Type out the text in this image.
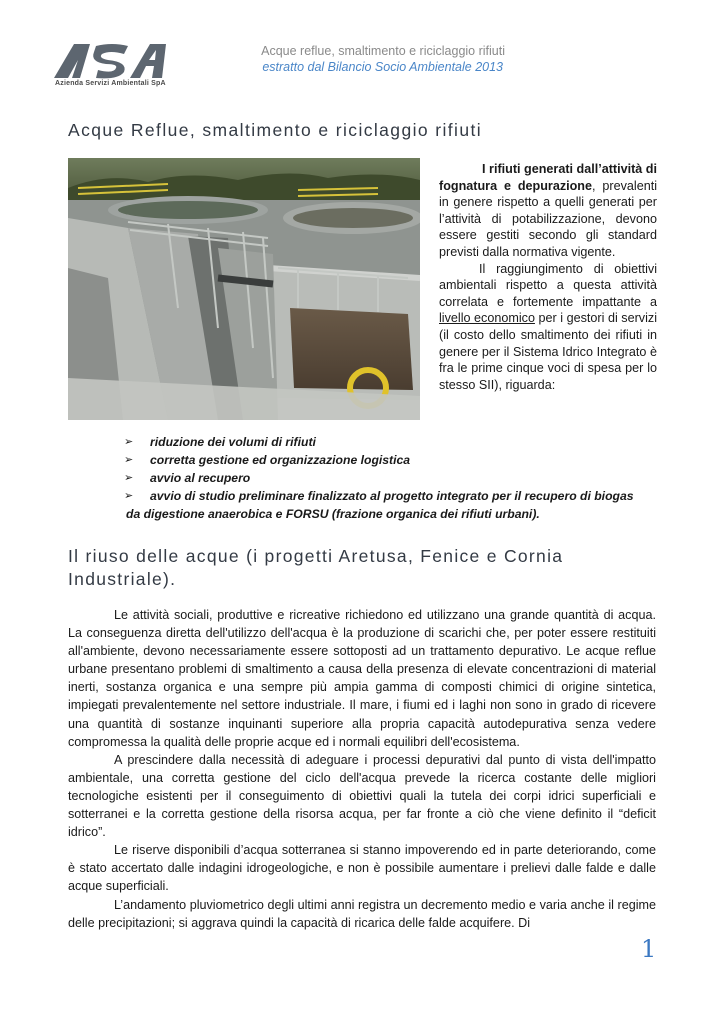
Azienda Servizi Ambientali SpA
Acque reflue, smaltimento e riciclaggio rifiuti
estratto dal Bilancio Socio Ambientale 2013
Acque Reflue, smaltimento e riciclaggio rifiuti

I rifiuti generati dall’attività di
fognatura e depurazione, prevalenti in genere rispetto a quelli generati per l’attività di potabilizzazione, devono essere gestiti secondo gli standard previsti dalla normativa vigente.

Il raggiungimento di obiettivi ambientali rispetto a questa attività correlata e fortemente impattante a livello economico per i gestori di servizi (il costo dello smaltimento dei rifiuti in genere per il Sistema Idrico Integrato è fra le prime cinque voci di spesa per lo stesso SII), riguarda:

➢ riduzione dei volumi di rifiuti
➢ corretta gestione ed organizzazione logistica
➢ avvio al recupero
➢ avvio di studio preliminare finalizzato al progetto integrato per il recupero di biogas
da digestione anaerobica e FORSU (frazione organica dei rifiuti urbani).
Il riuso delle acque (i progetti Aretusa, Fenice e Cornia Industriale).

Le attività sociali, produttive e ricreative richiedono ed utilizzano una grande quantità di acqua. La conseguenza diretta dell'utilizzo dell'acqua è la produzione di scarichi che, per poter essere restituiti all'ambiente, devono necessariamente essere sottoposti ad un trattamento depurativo. Le acque reflue urbane presentano problemi di smaltimento a causa della presenza di elevate concentrazioni di material inerti, sostanza organica e una sempre più ampia gamma di composti chimici di origine sintetica, impiegati prevalentemente nel settore industriale. Il mare, i fiumi ed i laghi non sono in grado di ricevere una quantità di sostanze inquinanti superiore alla propria capacità autodepurativa senza vedere compromessa la qualità delle proprie acque ed i normali equilibri dell'ecosistema.

A prescindere dalla necessità di adeguare i processi depurativi dal punto di vista dell'impatto ambientale, una corretta gestione del ciclo dell'acqua prevede la ricerca costante delle migliori tecnologiche esistenti per il conseguimento di obiettivi quali la tutela dei corpi idrici superficiali e sotterranei e la corretta gestione della risorsa acqua, per far fronte a ciò che viene definito il “deficit idrico”.

Le riserve disponibili d’acqua sotterranea si stanno impoverendo ed in parte deteriorando, come è stato accertato dalle indagini idrogeologiche, e non è possibile aumentare i prelievi dalle falde e dalle acque superficiali.

L’andamento pluviometrico degli ultimi anni registra un decremento medio e varia anche il regime delle precipitazioni; si aggrava quindi la capacità di ricarica delle falde acquifere. Di

1
